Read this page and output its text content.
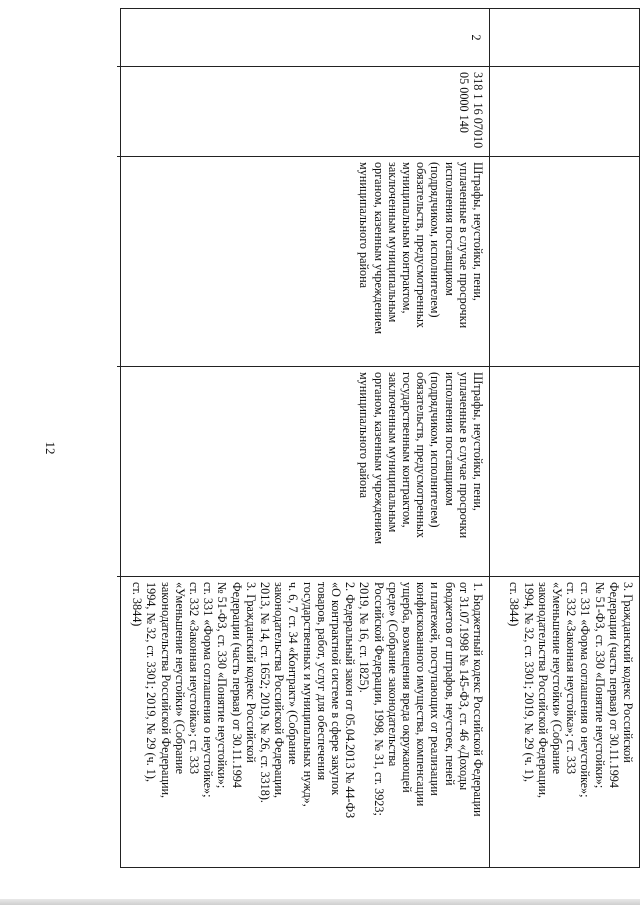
12
3. Гражданский кодекс Российской
Федерации (часть первая) от 30.11.1994
№ 51-ФЗ, ст. 330 «Понятие неустойки»;
ст. 331 «Форма соглашения о неустойке»;
ст. 332 «Законная неустойка»; ст. 333
«Уменьшение неустойки» (Собрание
законодательства Российской Федерации,
1994, № 32, ст. 3301; 2019, № 29 (ч. 1),
ст. 3844)
2
318 1 16 07010
05 0000 140
Штрафы, неустойки, пени,
уплаченные в случае просрочки
исполнения поставщиком
(подрядчиком, исполнителем)
обязательств, предусмотренных
муниципальным контрактом,
заключенным муниципальным
органом, казенным учреждением
муниципального района
Штрафы, неустойки, пени,
уплаченные в случае просрочки
исполнения поставщиком
(подрядчиком, исполнителем)
обязательств, предусмотренных
государственным контрактом,
заключенным муниципальным
органом, казенным учреждением
муниципального района
1. Бюджетный кодекс Российской Федерации
от 31.07.1998 № 145-ФЗ, ст. 46 «Доходы
бюджетов от штрафов, неустоек, пеней
и платежей, поступающих от реализации
конфискованного имущества, компенсации
ущерба, возмещения вреда окружающей
среде» (Собрание законодательства
Российской Федерации, 1998, № 31, ст. 3923;
2019, № 16, ст. 1825).
2. Федеральный закон от 05.04.2013 № 44-ФЗ
«О контрактной системе в сфере закупок
товаров, работ, услуг для обеспечения
государственных и муниципальных нужд»,
ч. 6, 7 ст. 34 «Контракт» (Собрание
законодательства Российской Федерации,
2013, № 14, ст. 1652; 2019, № 26, ст. 3318).
3. Гражданский кодекс Российской
Федерации (часть первая) от 30.11.1994
№ 51-ФЗ, ст. 330 «Понятие неустойки»;
ст. 331 «Форма соглашения о неустойке»;
ст. 332 «Законная неустойка»; ст. 333
«Уменьшение неустойки» (Собрание
законодательства Российской Федерации,
1994, № 32, ст. 3301; 2019, № 29 (ч. 1),
ст. 3844)
